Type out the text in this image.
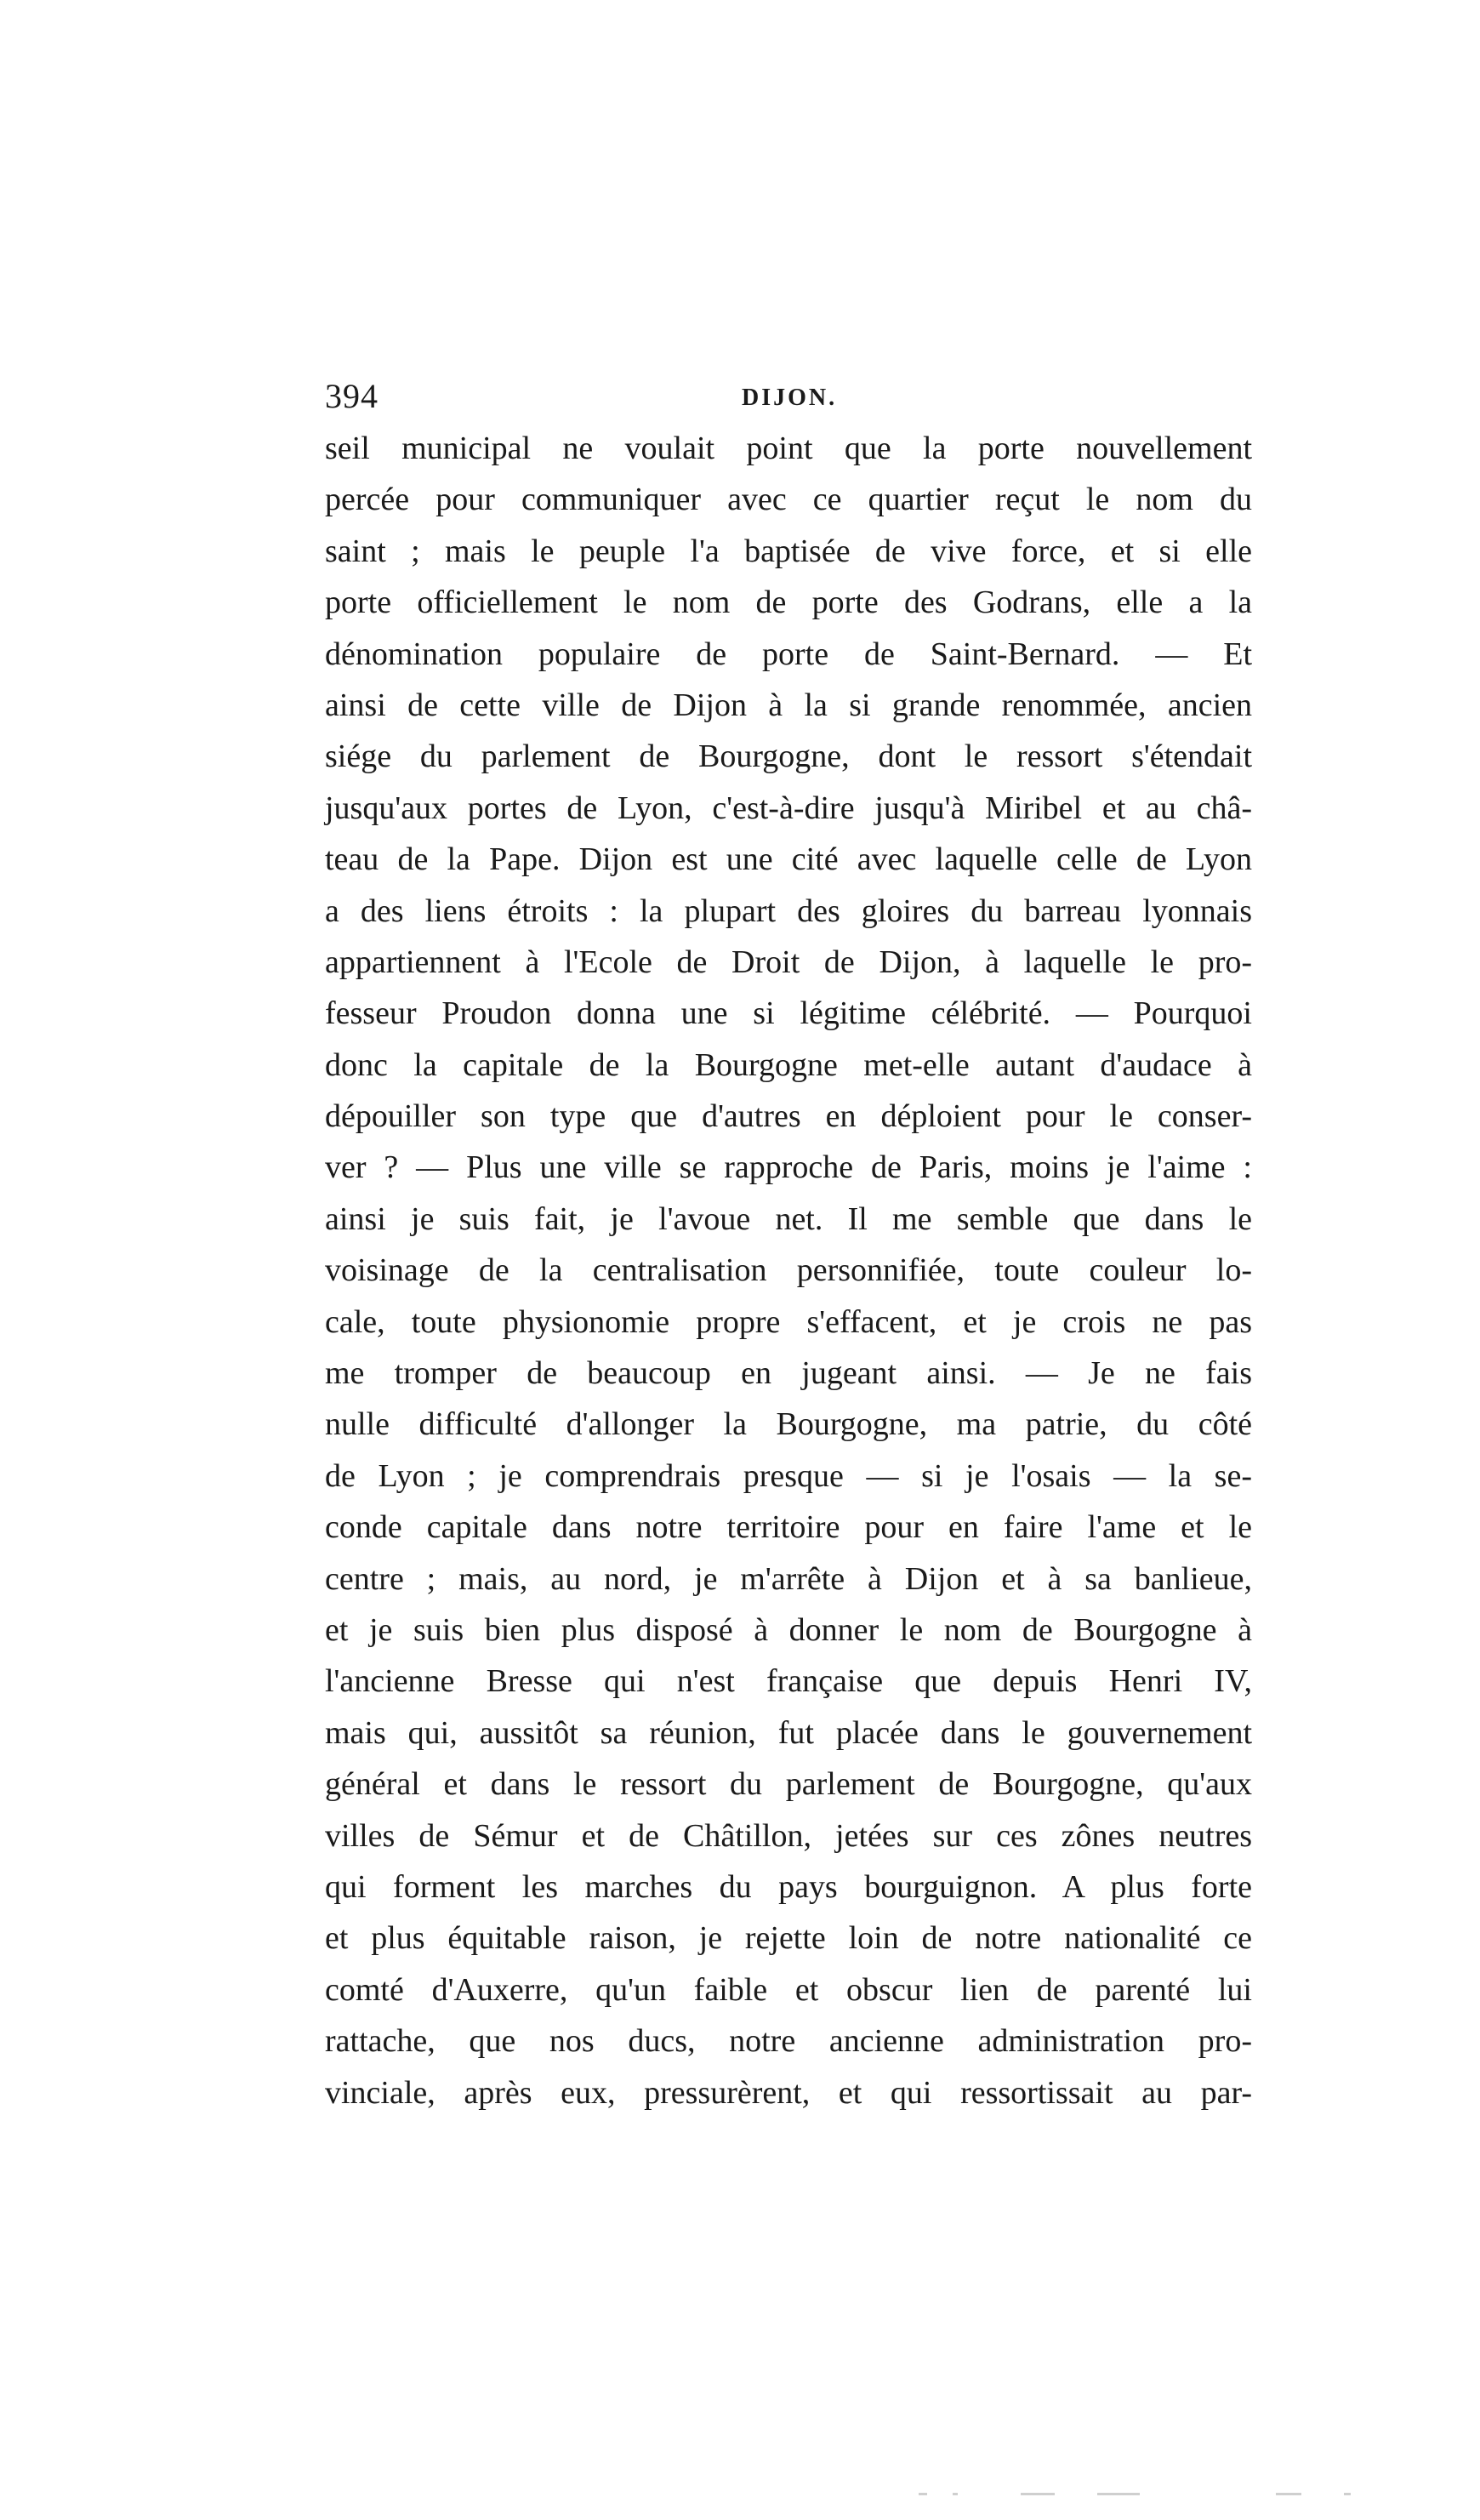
394	DIJON.
seil municipal ne voulait point que la porte nouvellement
percée pour communiquer avec ce quartier reçut le nom du
saint ; mais le peuple l'a baptisée de vive force, et si elle
porte officiellement le nom de porte des Godrans, elle a la
dénomination populaire de porte de Saint-Bernard. — Et
ainsi de cette ville de Dijon à la si grande renommée, ancien
siége du parlement de Bourgogne, dont le ressort s'étendait
jusqu'aux portes de Lyon, c'est-à-dire jusqu'à Miribel et au châ-
teau de la Pape. Dijon est une cité avec laquelle celle de Lyon
a des liens étroits : la plupart des gloires du barreau lyonnais
appartiennent à l'Ecole de Droit de Dijon, à laquelle le pro-
fesseur Proudon donna une si légitime célébrité. — Pourquoi
donc la capitale de la Bourgogne met-elle autant d'audace à
dépouiller son type que d'autres en déploient pour le conser-
ver ? — Plus une ville se rapproche de Paris, moins je l'aime :
ainsi je suis fait, je l'avoue net. Il me semble que dans le
voisinage de la centralisation personnifiée, toute couleur lo-
cale, toute physionomie propre s'effacent, et je crois ne pas
me tromper de beaucoup en jugeant ainsi. — Je ne fais
nulle difficulté d'allonger la Bourgogne, ma patrie, du côté
de Lyon ; je comprendrais presque — si je l'osais — la se-
conde capitale dans notre territoire pour en faire l'ame et le
centre ; mais, au nord, je m'arrête à Dijon et à sa banlieue,
et je suis bien plus disposé à donner le nom de Bourgogne à
l'ancienne Bresse qui n'est française que depuis Henri IV,
mais qui, aussitôt sa réunion, fut placée dans le gouvernement
général et dans le ressort du parlement de Bourgogne, qu'aux
villes de Sémur et de Châtillon, jetées sur ces zônes neutres
qui forment les marches du pays bourguignon. A plus forte
et plus équitable raison, je rejette loin de notre nationalité ce
comté d'Auxerre, qu'un faible et obscur lien de parenté lui
rattache, que nos ducs, notre ancienne administration pro-
vinciale, après eux, pressurèrent, et qui ressortissait au par-
